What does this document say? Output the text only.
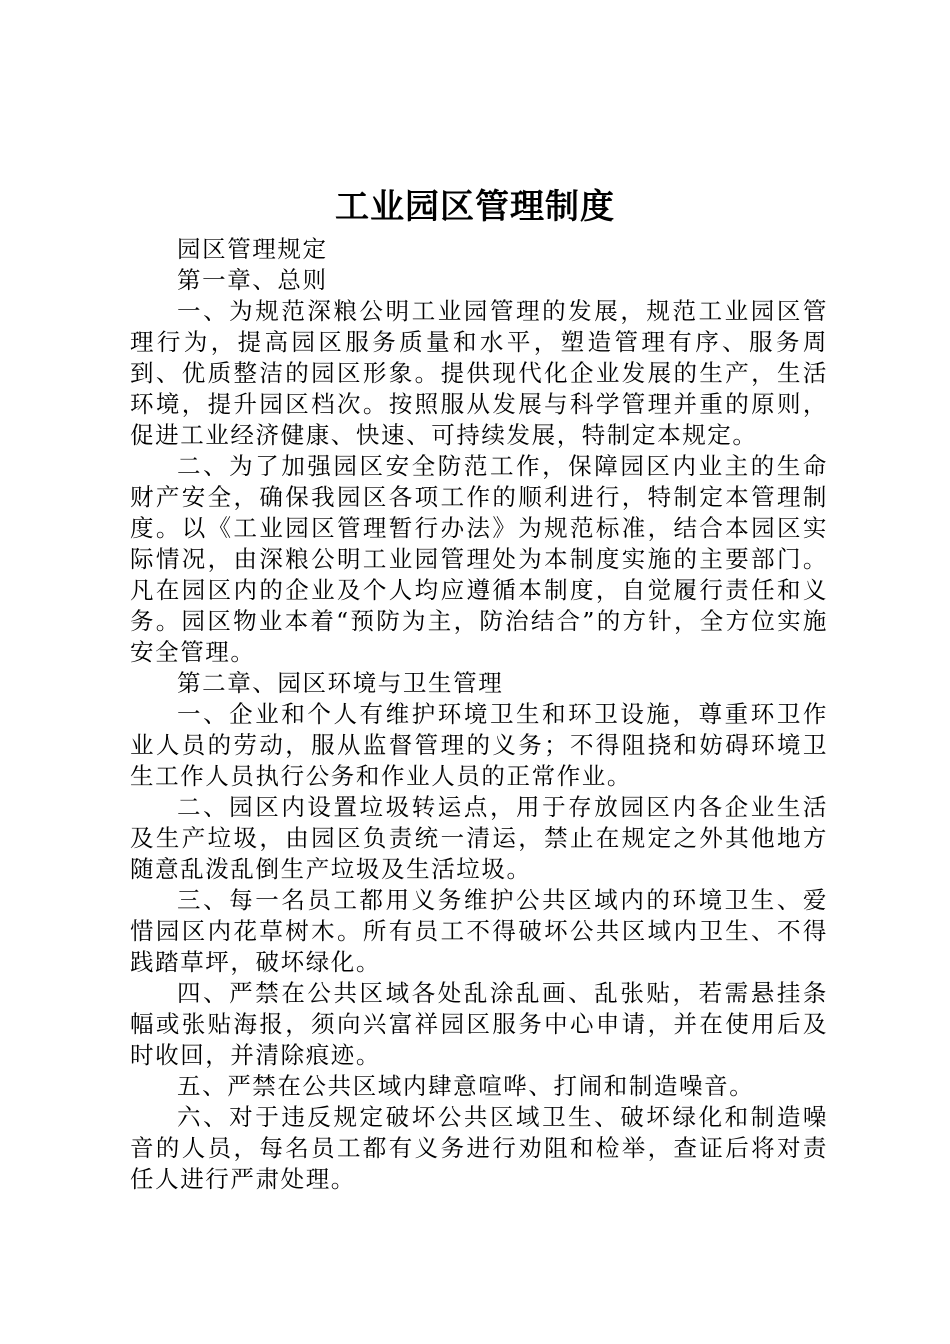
工业园区管理制度

园区管理规定

第一章、总则

一、为规范深粮公明工业园管理的发展，规范工业园区管理行为，提高园区服务质量和水平，塑造管理有序、服务周到、优质整洁的园区形象。提供现代化企业发展的生产，生活环境，提升园区档次。按照服从发展与科学管理并重的原则，促进工业经济健康、快速、可持续发展，特制定本规定。

二、为了加强园区安全防范工作，保障园区内业主的生命财产安全，确保我园区各项工作的顺利进行，特制定本管理制度。以《工业园区管理暂行办法》为规范标准，结合本园区实际情况，由深粮公明工业园管理处为本制度实施的主要部门。凡在园区内的企业及个人均应遵循本制度，自觉履行责任和义务。园区物业本着“预防为主，防治结合”的方针，全方位实施安全管理。

第二章、园区环境与卫生管理

一、企业和个人有维护环境卫生和环卫设施，尊重环卫作业人员的劳动，服从监督管理的义务；不得阻挠和妨碍环境卫生工作人员执行公务和作业人员的正常作业。

二、园区内设置垃圾转运点，用于存放园区内各企业生活及生产垃圾，由园区负责统一清运，禁止在规定之外其他地方随意乱泼乱倒生产垃圾及生活垃圾。

三、每一名员工都用义务维护公共区域内的环境卫生、爱惜园区内花草树木。所有员工不得破坏公共区域内卫生、不得践踏草坪，破坏绿化。

四、严禁在公共区域各处乱涂乱画、乱张贴，若需悬挂条幅或张贴海报，须向兴富祥园区服务中心申请，并在使用后及时收回，并清除痕迹。

五、严禁在公共区域内肆意喧哗、打闹和制造噪音。

六、对于违反规定破坏公共区域卫生、破坏绿化和制造噪音的人员，每名员工都有义务进行劝阻和检举，查证后将对责任人进行严肃处理。
